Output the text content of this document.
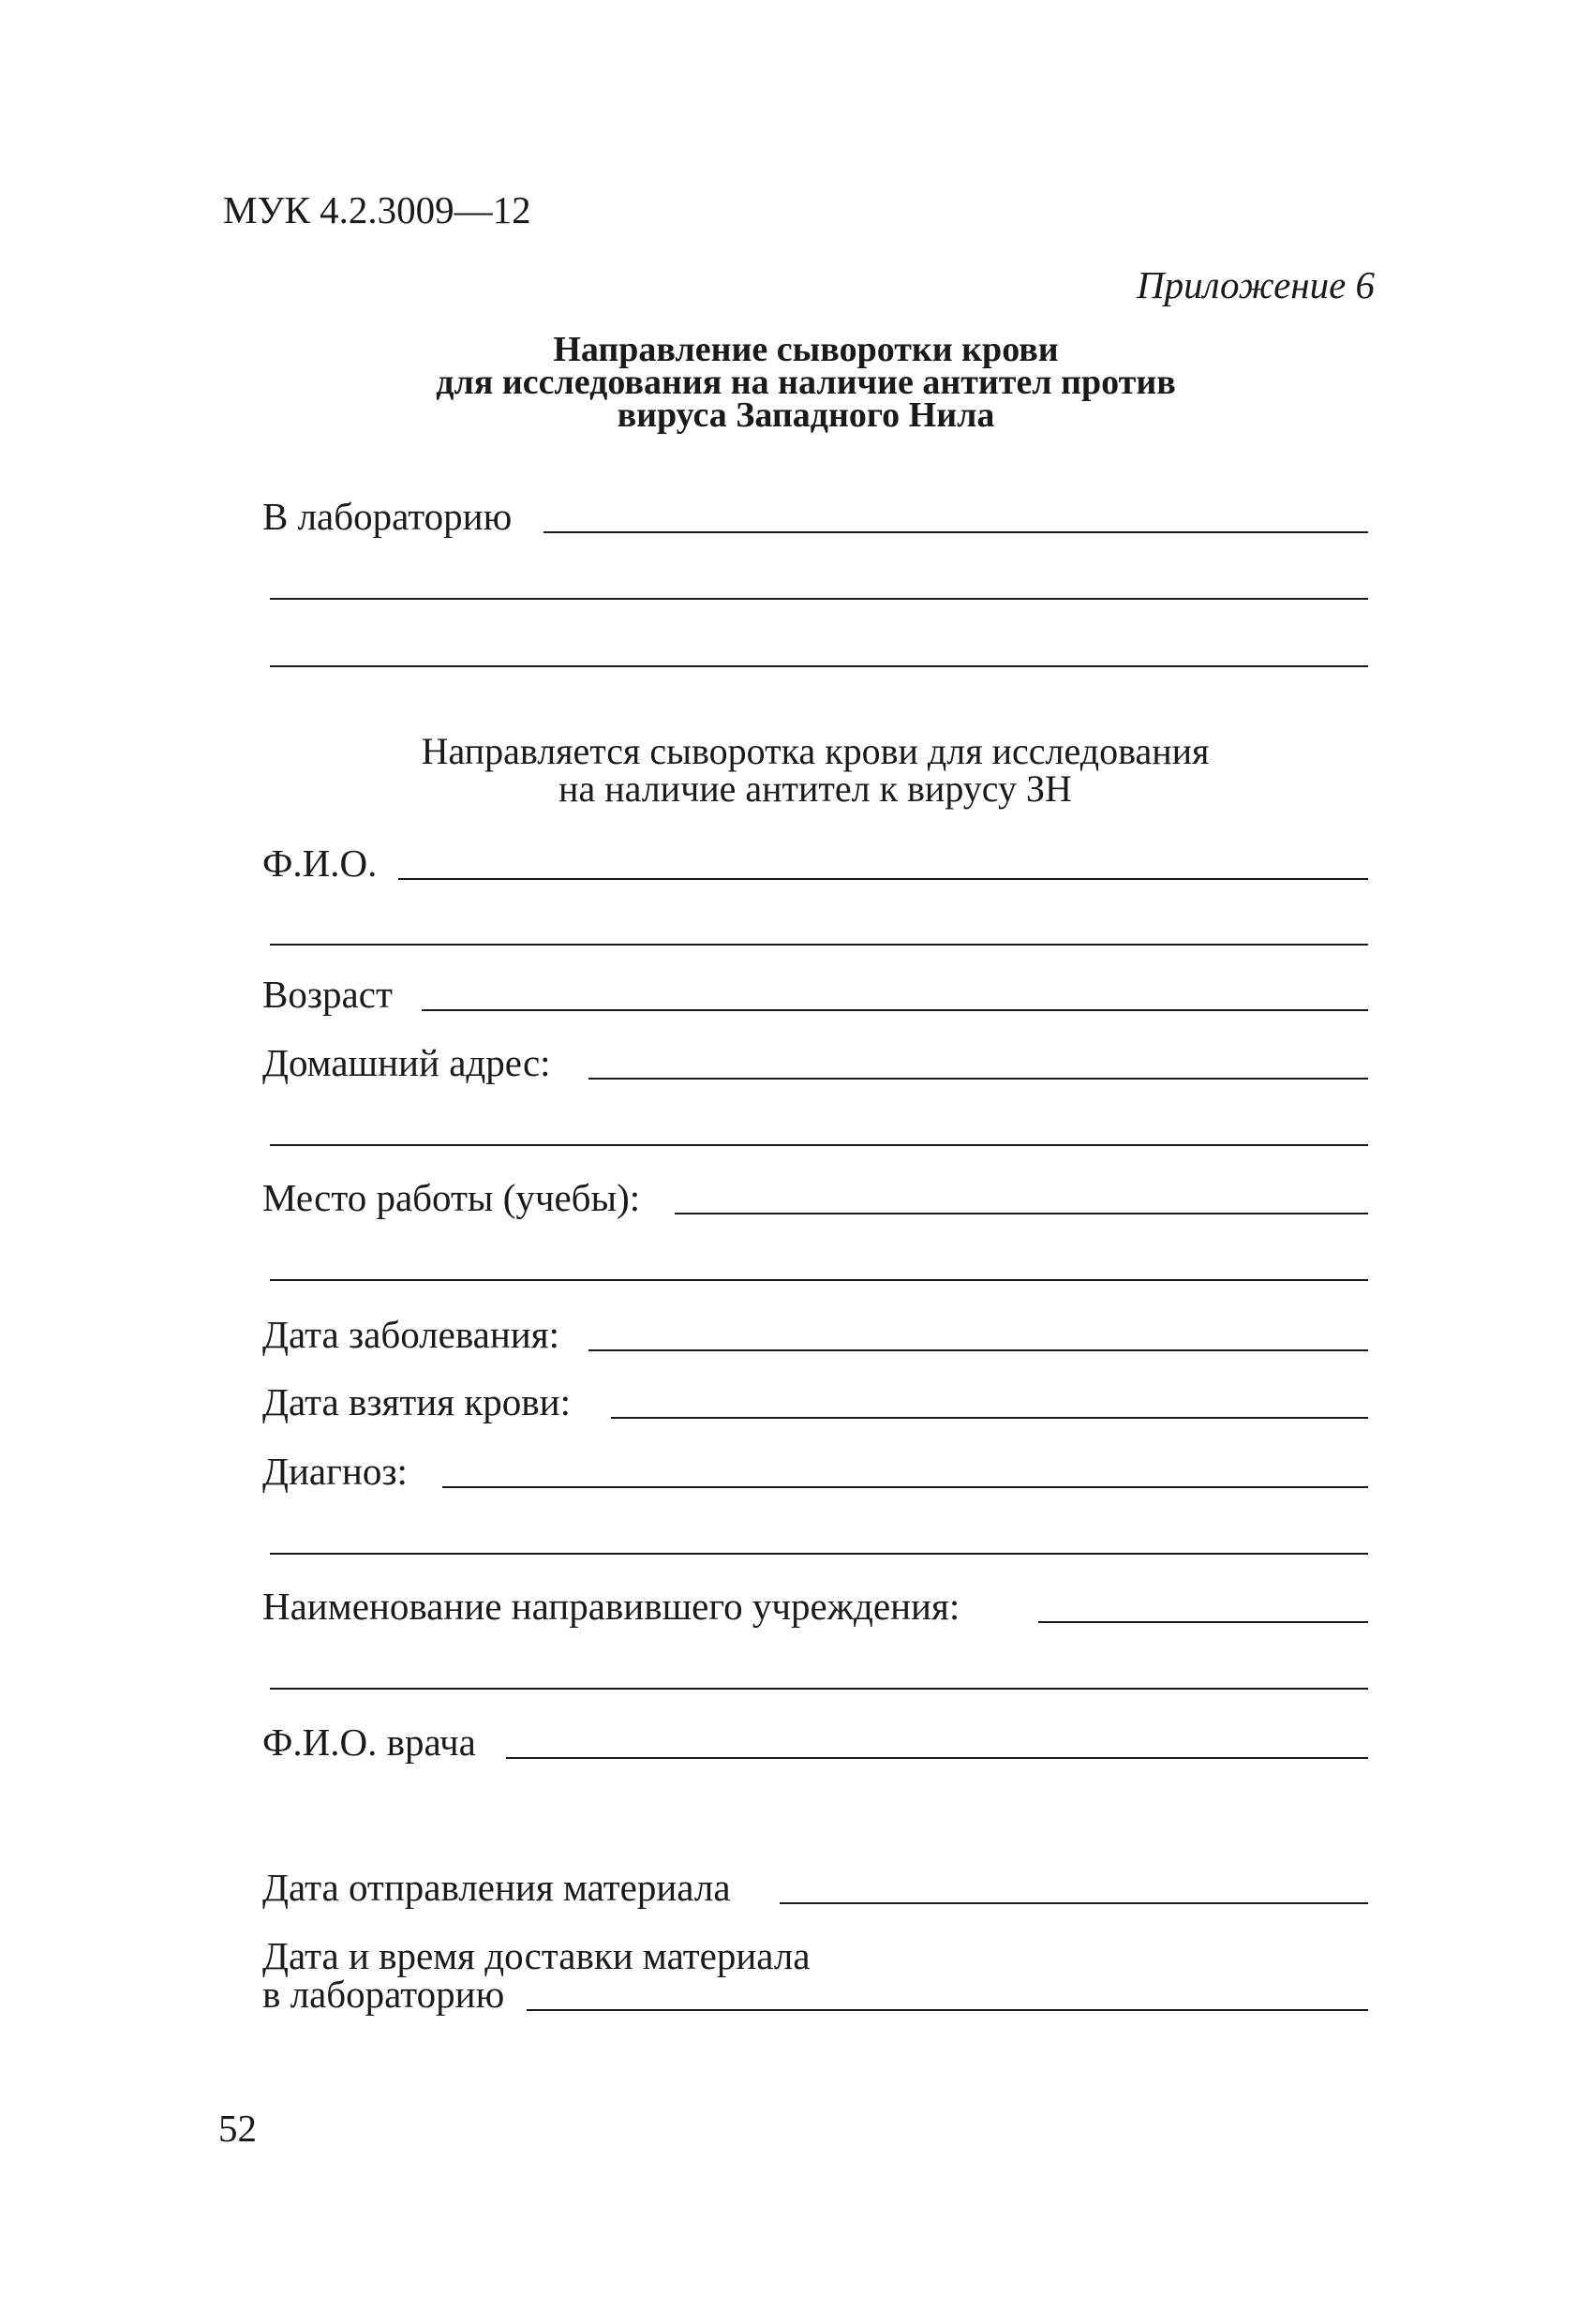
МУК 4.2.3009—12
Приложение 6
Направление сыворотки крови
для исследования на наличие антител против
вируса Западного Нила
В лабораторию
Направляется сыворотка крови для исследования
на наличие антител к вирусу ЗН
Ф.И.О.
Возраст
Домашний адрес:
Место работы (учебы):
Дата заболевания:
Дата взятия крови:
Диагноз:
Наименование направившего учреждения:
Ф.И.О. врача
Дата отправления материала
Дата и время доставки материала
в лабораторию
52
